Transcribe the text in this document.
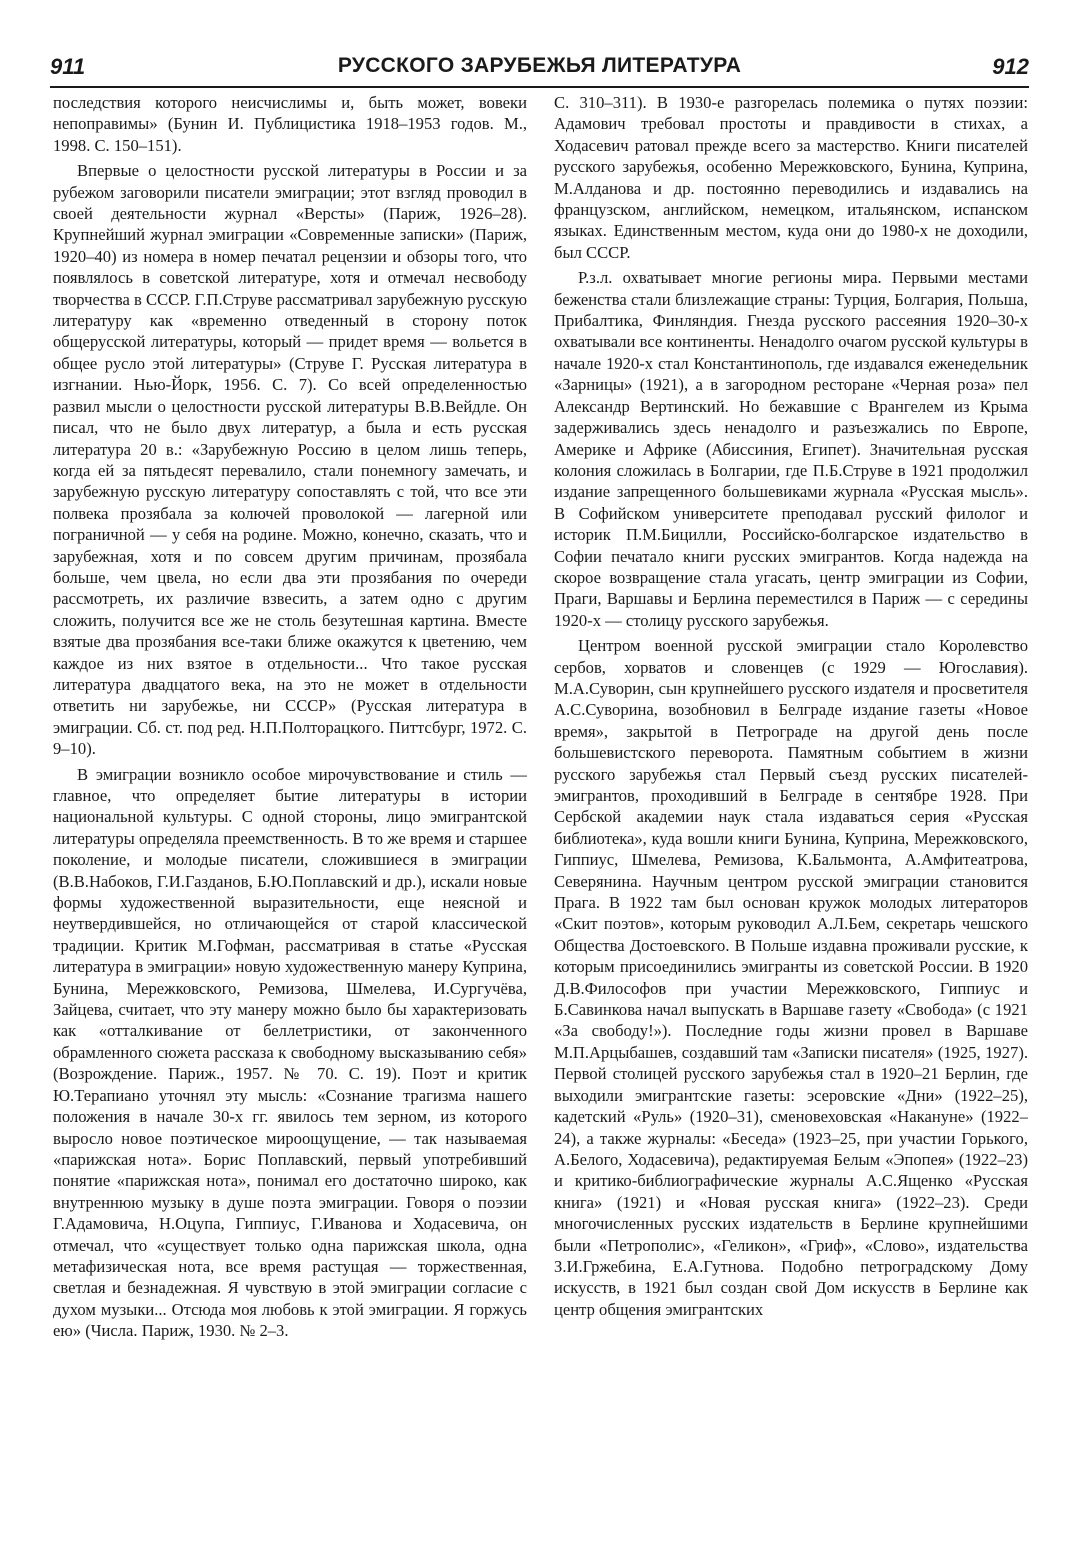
911	РУССКОГО ЗАРУБЕЖЬЯ ЛИТЕРАТУРА	912

последствия которого неисчислимы и, быть может, вовеки непоправимы» (Бунин И. Публицистика 1918–1953 годов. М., 1998. С. 150–151).

Впервые о целостности русской литературы в России и за рубежом заговорили писатели эмиграции; этот взгляд проводил в своей деятельности журнал «Версты» (Париж, 1926–28). Крупнейший журнал эмиграции «Современные записки» (Париж, 1920–40) из номера в номер печатал рецензии и обзоры того, что появлялось в советской литературе, хотя и отмечал несвободу творчества в СССР. Г.П.Струве рассматривал зарубежную русскую литературу как «временно отведенный в сторону поток общерусской литературы, который — придет время — вольется в общее русло этой литературы» (Струве Г. Русская литература в изгнании. Нью-Йорк, 1956. С. 7). Со всей определенностью развил мысли о целостности русской литературы В.В.Вейдле. Он писал, что не было двух литератур, а была и есть русская литература 20 в.: «Зарубежную Россию в целом лишь теперь, когда ей за пятьдесят перевалило, стали понемногу замечать, и зарубежную русскую литературу сопоставлять с той, что все эти полвека прозябала за колючей проволокой — лагерной или пограничной — у себя на родине. Можно, конечно, сказать, что и зарубежная, хотя и по совсем другим причинам, прозябала больше, чем цвела, но если два эти прозябания по очереди рассмотреть, их различие взвесить, а затем одно с другим сложить, получится все же не столь безутешная картина. Вместе взятые два прозябания все-таки ближе окажутся к цветению, чем каждое из них взятое в отдельности... Что такое русская литература двадцатого века, на это не может в отдельности ответить ни зарубежье, ни СССР» (Русская литература в эмиграции. Сб. ст. под ред. Н.П.Полторацкого. Питтсбург, 1972. С. 9–10).

В эмиграции возникло особое мирочувствование и стиль — главное, что определяет бытие литературы в истории национальной культуры. С одной стороны, лицо эмигрантской литературы определяла преемственность. В то же время и старшее поколение, и молодые писатели, сложившиеся в эмиграции (В.В.Набоков, Г.И.Газданов, Б.Ю.Поплавский и др.), искали новые формы художественной выразительности, еще неясной и неутвердившейся, но отличающейся от старой классической традиции. Критик М.Гофман, рассматривая в статье «Русская литература в эмиграции» новую художественную манеру Куприна, Бунина, Мережковского, Ремизова, Шмелева, И.Сургучёва, Зайцева, считает, что эту манеру можно было бы характеризовать как «отталкивание от беллетристики, от законченного обрамленного сюжета рассказа к свободному высказыванию себя» (Возрождение. Париж., 1957. № 70. С. 19). Поэт и критик Ю.Терапиано уточнял эту мысль: «Сознание трагизма нашего положения в начале 30-х гг. явилось тем зерном, из которого выросло новое поэтическое мироощущение, — так называемая «парижская нота». Борис Поплавский, первый употребивший понятие «парижская нота», понимал его достаточно широко, как внутреннюю музыку в душе поэта эмиграции. Говоря о поэзии Г.Адамовича, Н.Оцупа, Гиппиус, Г.Иванова и Ходасевича, он отмечал, что «существует только одна парижская школа, одна метафизическая нота, все время растущая — торжественная, светлая и безнадежная. Я чувствую в этой эмиграции согласие с духом музыки... Отсюда моя любовь к этой эмиграции. Я горжусь ею» (Числа. Париж, 1930. № 2–3.

С. 310–311). В 1930-е разгорелась полемика о путях поэзии: Адамович требовал простоты и правдивости в стихах, а Ходасевич ратовал прежде всего за мастерство. Книги писателей русского зарубежья, особенно Мережковского, Бунина, Куприна, М.Алданова и др. постоянно переводились и издавались на французском, английском, немецком, итальянском, испанском языках. Единственным местом, куда они до 1980-х не доходили, был СССР.

Р.з.л. охватывает многие регионы мира. Первыми местами беженства стали близлежащие страны: Турция, Болгария, Польша, Прибалтика, Финляндия. Гнезда русского рассеяния 1920–30-х охватывали все континенты. Ненадолго очагом русской культуры в начале 1920-х стал Константинополь, где издавался еженедельник «Зарницы» (1921), а в загородном ресторане «Черная роза» пел Александр Вертинский. Но бежавшие с Врангелем из Крыма задерживались здесь ненадолго и разъезжались по Европе, Америке и Африке (Абиссиния, Египет). Значительная русская колония сложилась в Болгарии, где П.Б.Струве в 1921 продолжил издание запрещенного большевиками журнала «Русская мысль». В Софийском университете преподавал русский филолог и историк П.М.Бицилли, Российско-болгарское издательство в Софии печатало книги русских эмигрантов. Когда надежда на скорое возвращение стала угасать, центр эмиграции из Софии, Праги, Варшавы и Берлина переместился в Париж — с середины 1920-х — столицу русского зарубежья.

Центром военной русской эмиграции стало Королевство сербов, хорватов и словенцев (с 1929 — Югославия). М.А.Суворин, сын крупнейшего русского издателя и просветителя А.С.Суворина, возобновил в Белграде издание газеты «Новое время», закрытой в Петрограде на другой день после большевистского переворота. Памятным событием в жизни русского зарубежья стал Первый съезд русских писателей-эмигрантов, проходивший в Белграде в сентябре 1928. При Сербской академии наук стала издаваться серия «Русская библиотека», куда вошли книги Бунина, Куприна, Мережковского, Гиппиус, Шмелева, Ремизова, К.Бальмонта, А.Амфитеатрова, Северянина. Научным центром русской эмиграции становится Прага. В 1922 там был основан кружок молодых литераторов «Скит поэтов», которым руководил А.Л.Бем, секретарь чешского Общества Достоевского. В Польше издавна проживали русские, к которым присоединились эмигранты из советской России. В 1920 Д.В.Философов при участии Мережковского, Гиппиус и Б.Савинкова начал выпускать в Варшаве газету «Свобода» (с 1921 «За свободу!»). Последние годы жизни провел в Варшаве М.П.Арцыбашев, создавший там «Записки писателя» (1925, 1927). Первой столицей русского зарубежья стал в 1920–21 Берлин, где выходили эмигрантские газеты: эсеровские «Дни» (1922–25), кадетский «Руль» (1920–31), сменовеховская «Накануне» (1922–24), а также журналы: «Беседа» (1923–25, при участии Горького, А.Белого, Ходасевича), редактируемая Белым «Эпопея» (1922–23) и критико-библиографические журналы А.С.Ященко «Русская книга» (1921) и «Новая русская книга» (1922–23). Среди многочисленных русских издательств в Берлине крупнейшими были «Петрополис», «Геликон», «Гриф», «Слово», издательства З.И.Гржебина, Е.А.Гутнова. Подобно петроградскому Дому искусств, в 1921 был создан свой Дом искусств в Берлине как центр общения эмигрантских
